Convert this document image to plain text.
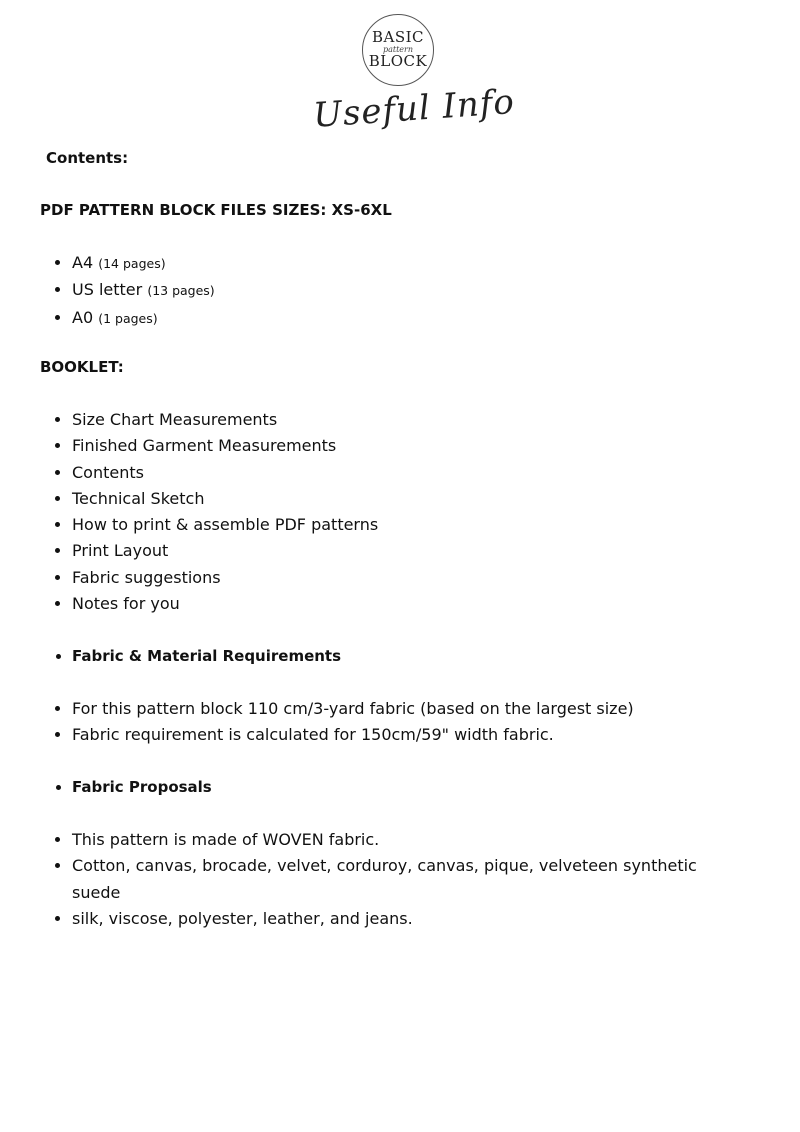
BASIC
pattern
BLOCK
Useful Info
Contents:
PDF PATTERN BLOCK FILES SIZES: XS-6XL
• A4 (14 pages)
• US letter (13 pages)
• A0 (1 pages)
BOOKLET:
• Size Chart Measurements
• Finished Garment Measurements
• Contents
• Technical Sketch
• How to print & assemble PDF patterns
• Print Layout
• Fabric suggestions
• Notes for you
• Fabric & Material Requirements
• For this pattern block 110 cm/3-yard fabric (based on the largest size)
• Fabric requirement is calculated for 150cm/59" width fabric.
• Fabric Proposals
• This pattern is made of WOVEN fabric.
• Cotton, canvas, brocade, velvet, corduroy, canvas, pique, velveteen synthetic suede
• silk, viscose, polyester, leather, and jeans.
